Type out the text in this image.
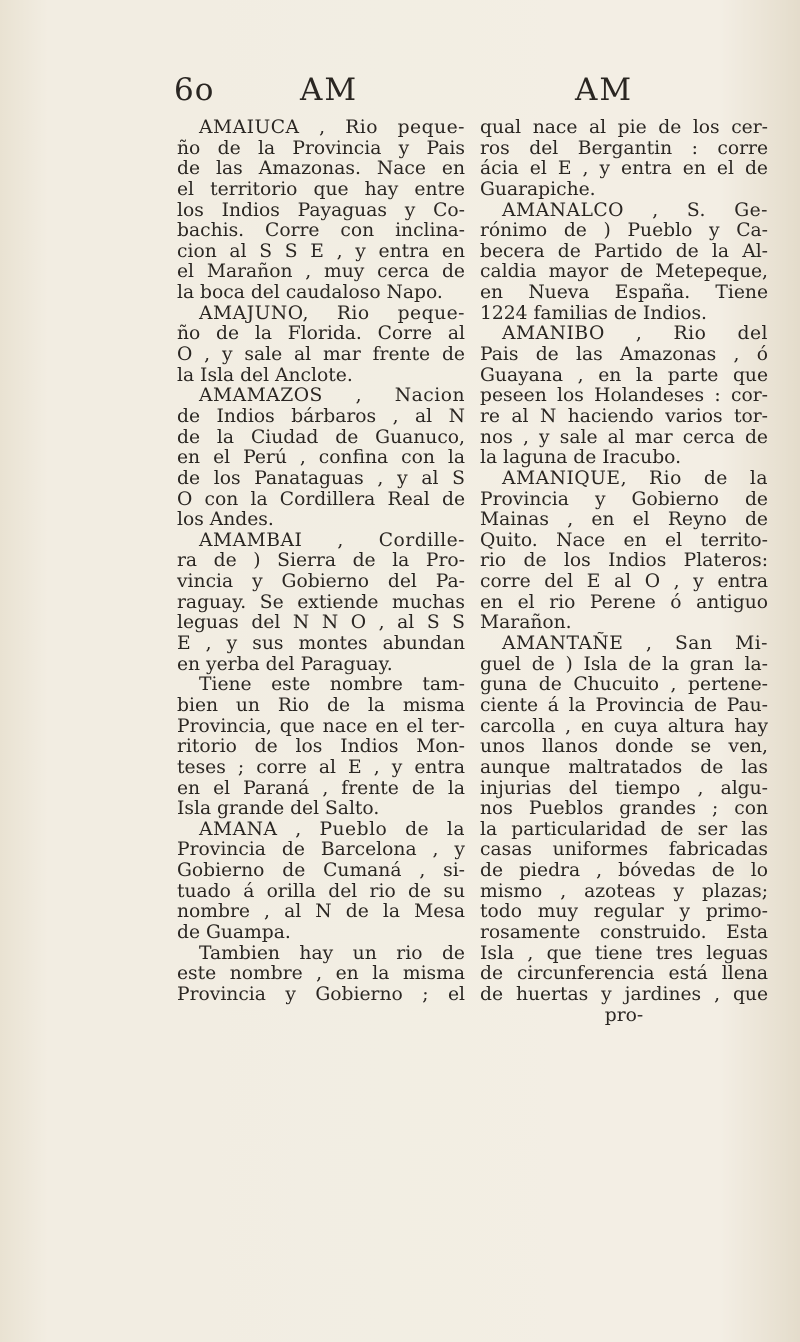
6o	AM	AM
AMAIUCA , Rio peque-
ño de la Provincia y Pais
de las Amazonas. Nace en
el territorio que hay entre
los Indios Payaguas y Co-
bachis. Corre con inclina-
cion al S S E , y entra en
el Marañon , muy cerca de
la boca del caudaloso Napo.
AMAJUNO, Rio peque-
ño de la Florida. Corre al
O , y sale al mar frente de
la Isla del Anclote.
AMAMAZOS , Nacion
de Indios bárbaros , al N
de la Ciudad de Guanuco,
en el Perú , confina con la
de los Panataguas , y al S
O con la Cordillera Real de
los Andes.
AMAMBAI , Cordille-
ra de ) Sierra de la Pro-
vincia y Gobierno del Pa-
raguay. Se extiende muchas
leguas del N N O , al S S
E , y sus montes abundan
en yerba del Paraguay.
Tiene este nombre tam-
bien un Rio de la misma
Provincia, que nace en el ter-
ritorio de los Indios Mon-
teses ; corre al E , y entra
en el Paraná , frente de la
Isla grande del Salto.
AMANA , Pueblo de la
Provincia de Barcelona , y
Gobierno de Cumaná , si-
tuado á orilla del rio de su
nombre , al N de la Mesa
de Guampa.
Tambien hay un rio de
este nombre , en la misma
Provincia y Gobierno ; el
qual nace al pie de los cer-
ros del Bergantin : corre
ácia el E , y entra en el de
Guarapiche.
AMANALCO , S. Ge-
rónimo de ) Pueblo y Ca-
becera de Partido de la Al-
caldia mayor de Metepeque,
en Nueva España. Tiene
1224 familias de Indios.
AMANIBO , Rio del
Pais de las Amazonas , ó
Guayana , en la parte que
peseen los Holandeses : cor-
re al N haciendo varios tor-
nos , y sale al mar cerca de
la laguna de Iracubo.
AMANIQUE, Rio de la
Provincia y Gobierno de
Mainas , en el Reyno de
Quito. Nace en el territo-
rio de los Indios Plateros:
corre del E al O , y entra
en el rio Perene ó antiguo
Marañon.
AMANTAÑE , San Mi-
guel de ) Isla de la gran la-
guna de Chucuito , pertene-
ciente á la Provincia de Pau-
carcolla , en cuya altura hay
unos llanos donde se ven,
aunque maltratados de las
injurias del tiempo , algu-
nos Pueblos grandes ; con
la particularidad de ser las
casas uniformes fabricadas
de piedra , bóvedas de lo
mismo , azoteas y plazas;
todo muy regular y primo-
rosamente construido. Esta
Isla , que tiene tres leguas
de circunferencia está llena
de huertas y jardines , que
pro-
